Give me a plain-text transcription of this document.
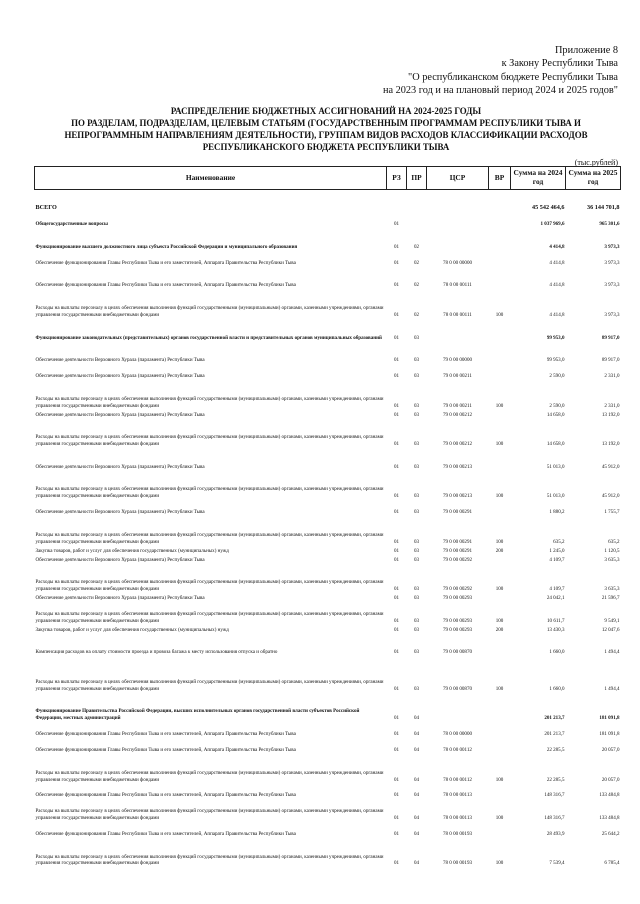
Приложение 8
к Закону Республики Тыва
"О республиканском бюджете Республики Тыва
на 2023 год и на плановый период 2024 и 2025 годов"
РАСПРЕДЕЛЕНИЕ БЮДЖЕТНЫХ АССИГНОВАНИЙ НА 2024-2025 ГОДЫ
ПО РАЗДЕЛАМ, ПОДРАЗДЕЛАМ, ЦЕЛЕВЫМ СТАТЬЯМ (ГОСУДАРСТВЕННЫМ ПРОГРАММАМ РЕСПУБЛИКИ ТЫВА И
НЕПРОГРАММНЫМ НАПРАВЛЕНИЯМ ДЕЯТЕЛЬНОСТИ), ГРУППАМ ВИДОВ РАСХОДОВ КЛАССИФИКАЦИИ РАСХОДОВ
РЕСПУБЛИКАНСКОГО БЮДЖЕТА РЕСПУБЛИКИ ТЫВА
(тыс.рублей)
Наименование	РЗ	ПР	ЦСР	ВР	Сумма на 2024 год	Сумма на 2025 год
ВСЕГО					45 542 464,6	36 144 701,8
Общегосударственные вопросы	01				1 037 969,6	965 301,6
Функционирование высшего должностного лица субъекта Российской Федерации и муниципального образования	01	02			4 414,8	3 973,3
Обеспечение функционирования Главы Республики Тыва и его заместителей, Аппарата Правительства Республики Тыва	01	02	78 0 00 00000		4 414,8	3 973,3
Обеспечение функционирования Главы Республики Тыва и его заместителей, Аппарата Правительства Республики Тыва	01	02	78 0 00 00111		4 414,8	3 973,3
Расходы на выплаты персоналу в целях обеспечения выполнения функций государственными (муниципальными) органами, казенными учреждениями, органами управления государственными внебюджетными фондами	01	02	78 0 00 00111	100	4 414,8	3 973,3
Функционирование законодательных (представительных) органов государственной власти и представительных органов муниципальных образований	01	03			99 953,0	89 917,0
Обеспечение деятельности Верховного Хурала (парламента) Республики Тыва	01	03	79 0 00 00000		99 953,0	89 917,0
Обеспечение деятельности Верховного Хурала (парламента) Республики Тыва	01	03	79 0 00 00211		2 590,0	2 331,0
Расходы на выплаты персоналу в целях обеспечения выполнения функций государственными (муниципальными) органами, казенными учреждениями, органами управления государственными внебюджетными фондами	01	03	79 0 00 00211	100	2 590,0	2 331,0
Обеспечение деятельности Верховного Хурала (парламента) Республики Тыва	01	03	79 0 00 00212		14 658,0	13 192,0
Расходы на выплаты персоналу в целях обеспечения выполнения функций государственными (муниципальными) органами, казенными учреждениями, органами управления государственными внебюджетными фондами	01	03	79 0 00 00212	100	14 658,0	13 192,0
Обеспечение деятельности Верховного Хурала (парламента) Республики Тыва	01	03	79 0 00 00213		51 013,0	45 912,0
Расходы на выплаты персоналу в целях обеспечения выполнения функций государственными (муниципальными) органами, казенными учреждениями, органами управления государственными внебюджетными фондами	01	03	79 0 00 00213	100	51 013,0	45 912,0
Обеспечение деятельности Верховного Хурала (парламента) Республики Тыва	01	03	79 0 00 00291		1 880,2	1 755,7
Расходы на выплаты персоналу в целях обеспечения выполнения функций государственными (муниципальными) органами, казенными учреждениями, органами управления государственными внебюджетными фондами	01	03	79 0 00 00291	100	635,2	635,2
Закупка товаров, работ и услуг для обеспечения государственных (муниципальных) нужд	01	03	79 0 00 00291	200	1 245,0	1 120,5
Обеспечение деятельности Верховного Хурала (парламента) Республики Тыва	01	03	79 0 00 00292		4 109,7	3 635,3
Расходы на выплаты персоналу в целях обеспечения выполнения функций государственными (муниципальными) органами, казенными учреждениями, органами управления государственными внебюджетными фондами	01	03	79 0 00 00292	100	4 109,7	3 635,3
Обеспечение деятельности Верховного Хурала (парламента) Республики Тыва	01	03	79 0 00 00293		24 042,1	21 596,7
Расходы на выплаты персоналу в целях обеспечения выполнения функций государственными (муниципальными) органами, казенными учреждениями, органами управления государственными внебюджетными фондами	01	03	79 0 00 00293	100	10 611,7	9 549,1
Закупка товаров, работ и услуг для обеспечения государственных (муниципальных) нужд	01	03	79 0 00 00293	200	13 430,3	12 047,6
Компенсация расходов на оплату стоимости проезда и провоза багажа к месту использования отпуска и обратно	01	03	79 0 00 00870		1 660,0	1 494,4
Расходы на выплаты персоналу в целях обеспечения выполнения функций государственными (муниципальными) органами, казенными учреждениями, органами управления государственными внебюджетными фондами	01	03	79 0 00 00870	100	1 660,0	1 494,4
Функционирование Правительства Российской Федерации, высших исполнительных органов государственной власти субъектов Российской Федерации, местных администраций	01	04			201 213,7	181 091,8
Обеспечение функционирования Главы Республики Тыва и его заместителей, Аппарата Правительства Республики Тыва	01	04	78 0 00 00000		201 213,7	181 091,8
Обеспечение функционирования Главы Республики Тыва и его заместителей, Аппарата Правительства Республики Тыва	01	04	78 0 00 00112		22 285,5	20 057,0
Расходы на выплаты персоналу в целях обеспечения выполнения функций государственными (муниципальными) органами, казенными учреждениями, органами управления государственными внебюджетными фондами	01	04	78 0 00 00112	100	22 285,5	20 057,0
Обеспечение функционирования Главы Республики Тыва и его заместителей, Аппарата Правительства Республики Тыва	01	04	78 0 00 00113		148 316,7	133 484,8
Расходы на выплаты персоналу в целях обеспечения выполнения функций государственными (муниципальными) органами, казенными учреждениями, органами управления государственными внебюджетными фондами	01	04	78 0 00 00113	100	148 316,7	133 484,8
Обеспечение функционирования Главы Республики Тыва и его заместителей, Аппарата Правительства Республики Тыва	01	04	78 0 00 00193		28 493,9	25 644,2
Расходы на выплаты персоналу в целях обеспечения выполнения функций государственными (муниципальными) органами, казенными учреждениями, органами управления государственными внебюджетными фондами	01	04	78 0 00 00193	100	7 539,4	6 785,4
